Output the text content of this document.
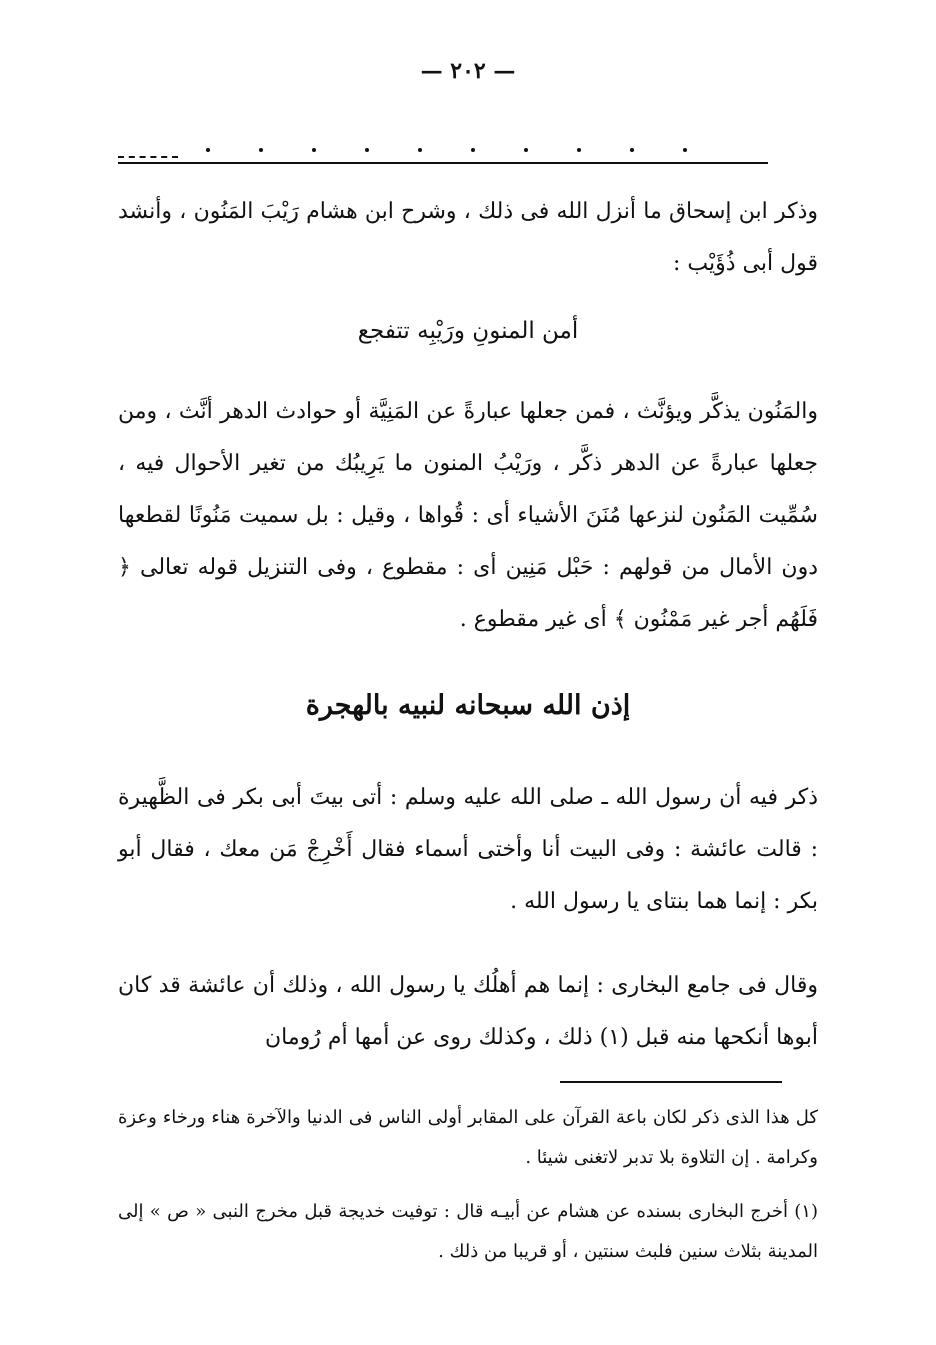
— ٢٠٢ —

وذكر ابن إسحاق ما أنزل الله فى ذلك ، وشرح ابن هشام رَيْبَ المَنُون ، وأنشد قول أبى ذُؤَيْب :

أمن المنونِ ورَيْبِه تتفجع

والمَنُون يذكَّر ويؤنَّث ، فمن جعلها عبارةً عن المَنِيَّة أو حوادث الدهر أنَّث ، ومن جعلها عبارةً عن الدهر ذكَّر ، ورَيْبُ المنون ما يَرِيبُك من تغير الأحوال فيه ، سُمِّيت المَنُون لنزعها مُنَنَ الأشياء أى : قُواها ، وقيل : بل سميت مَنُونًا لقطعها دون الأمال من قولهم : حَبْل مَنِين أى : مقطوع ، وفى التنزيل قوله تعالى ﴿ فَلَهُم أجر غير مَمْنُون ﴾ أى غير مقطوع .

إذن الله سبحانه لنبيه بالهجرة

ذكر فيه أن رسول الله ـ صلى الله عليه وسلم : أتى بيتَ أبى بكر فى الظَّهيرة : قالت عائشة : وفى البيت أنا وأختى أسماء فقال أَخْرِجْ مَن معك ، فقال أبو بكر : إنما هما بنتاى يا رسول الله .

وقال فى جامع البخارى : إنما هم أهلُك يا رسول الله ، وذلك أن عائشة قد كان أبوها أنكحها منه قبل (١) ذلك ، وكذلك روى عن أمها أم رُومان

كل هذا الذى ذكر لكان باعة القرآن على المقابر أولى الناس فى الدنيا والآخرة هناء ورخاء وعزة وكرامة . إن التلاوة بلا تدبر لاتغنى شيئا .

(١) أخرج البخارى بسنده عن هشام عن أبيـه قال : توفيت خديجة قبل مخرج النبى « ص » إلى المدينة بثلاث سنين فلبث سنتين ، أو قريبا من ذلك .
